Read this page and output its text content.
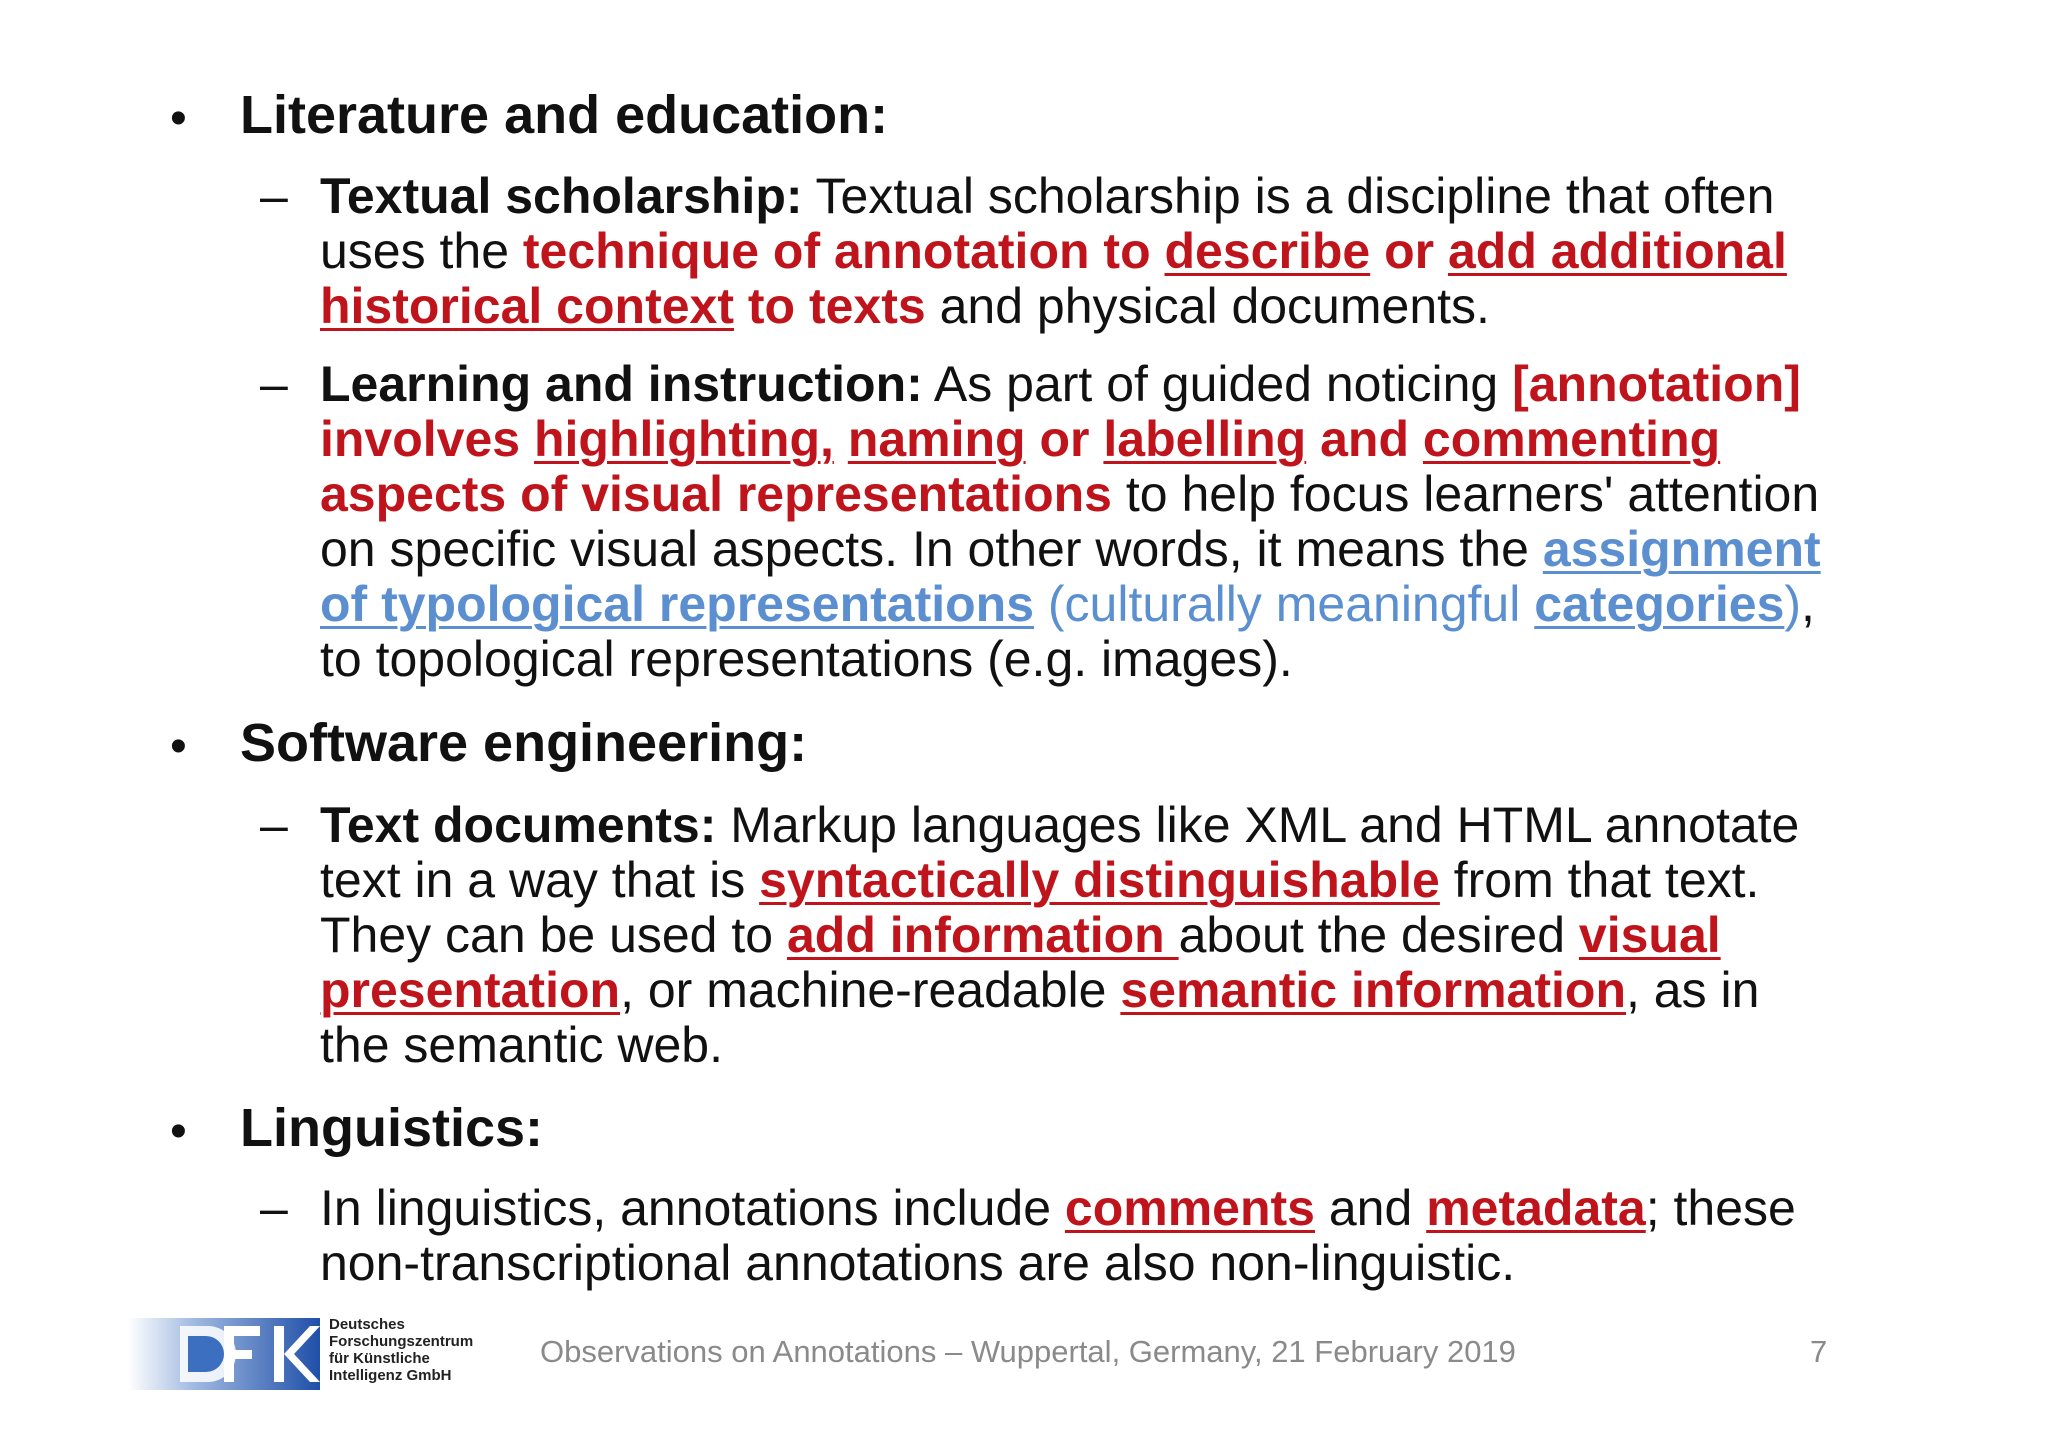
• Literature and education:
– Textual scholarship: Textual scholarship is a discipline that often
uses the technique of annotation to describe or add additional
historical context to texts and physical documents.
– Learning and instruction: As part of guided noticing [annotation]
involves highlighting, naming or labelling and commenting
aspects of visual representations to help focus learners' attention
on specific visual aspects. In other words, it means the assignment
of typological representations (culturally meaningful categories),
to topological representations (e.g. images).
• Software engineering:
– Text documents: Markup languages like XML and HTML annotate
text in a way that is syntactically distinguishable from that text.
They can be used to add information about the desired visual
presentation, or machine-readable semantic information, as in
the semantic web.
• Linguistics:
– In linguistics, annotations include comments and metadata; these
non-transcriptional annotations are also non-linguistic.
Deutsches
Forschungszentrum
für Künstliche
Intelligenz GmbH
Observations on Annotations – Wuppertal, Germany, 21 February 2019	7
